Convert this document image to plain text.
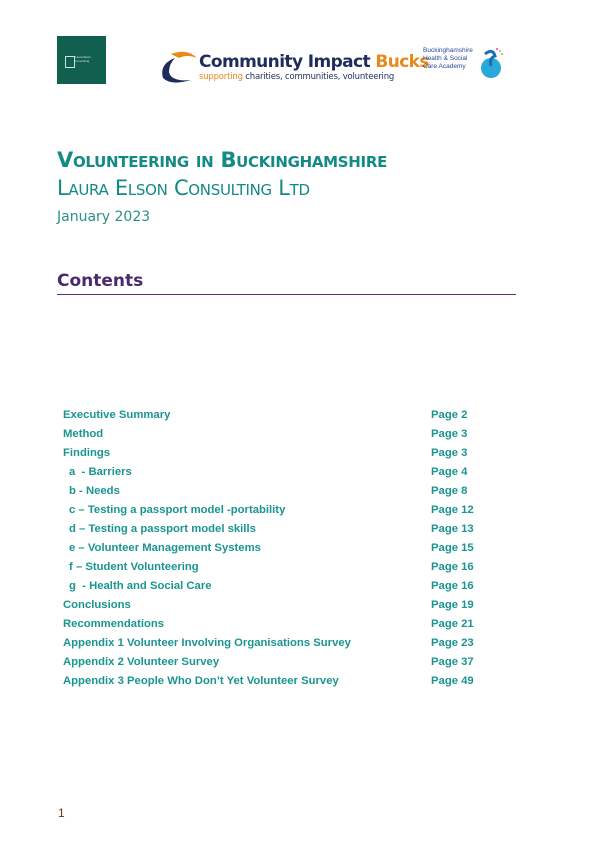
Laura Elson Consulting	Community Impact Bucks
supporting charities, communities, volunteering
Buckinghamshire
Health & Social
Care Academy
Volunteering in Buckinghamshire
Laura Elson Consulting Ltd
January 2023
Contents
Executive Summary	Page 2
Method	Page 3
Findings	Page 3
a  - Barriers	Page 4
b - Needs	Page 8
c – Testing a passport model -portability	Page 12
d – Testing a passport model skills	Page 13
e – Volunteer Management Systems	Page 15
f – Student Volunteering	Page 16
g  - Health and Social Care	Page 16
Conclusions	Page 19
Recommendations	Page 21
Appendix 1 Volunteer Involving Organisations Survey	Page 23
Appendix 2 Volunteer Survey	Page 37
Appendix 3 People Who Don’t Yet Volunteer Survey	Page 49
1
